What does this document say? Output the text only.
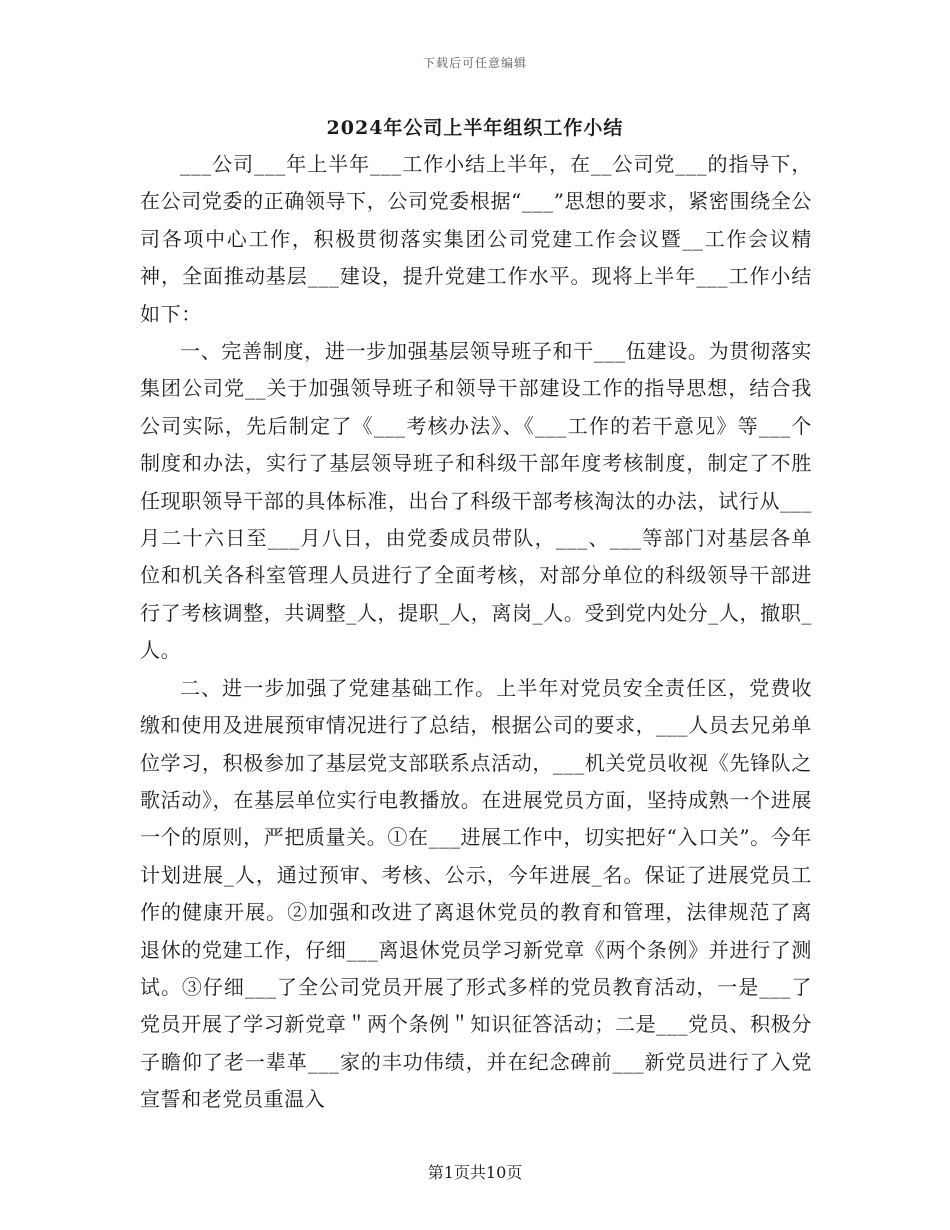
下载后可任意编辑
2024年公司上半年组织工作小结

___公司___年上半年___工作小结上半年，在__公司党___的指导下，在公司党委的正确领导下，公司党委根据“___”思想的要求，紧密围绕全公司各项中心工作，积极贯彻落实集团公司党建工作会议暨__工作会议精神，全面推动基层___建设，提升党建工作水平。现将上半年___工作小结如下：

一、完善制度，进一步加强基层领导班子和干___伍建设。为贯彻落实集团公司党__关于加强领导班子和领导干部建设工作的指导思想，结合我公司实际，先后制定了《___考核办法》、《___工作的若干意见》等___个制度和办法，实行了基层领导班子和科级干部年度考核制度，制定了不胜任现职领导干部的具体标准，出台了科级干部考核淘汰的办法，试行从___月二十六日至___月八日，由党委成员带队，___、___等部门对基层各单位和机关各科室管理人员进行了全面考核，对部分单位的科级领导干部进行了考核调整，共调整_人，提职_人，离岗_人。受到党内处分_人，撤职_人。

二、进一步加强了党建基础工作。上半年对党员安全责任区，党费收缴和使用及进展预审情况进行了总结，根据公司的要求，___人员去兄弟单位学习，积极参加了基层党支部联系点活动，___机关党员收视《先锋队之歌活动》，在基层单位实行电教播放。在进展党员方面，坚持成熟一个进展一个的原则，严把质量关。①在___进展工作中，切实把好“入口关”。今年计划进展_人，通过预审、考核、公示，今年进展_名。保证了进展党员工作的健康开展。②加强和改进了离退休党员的教育和管理，法律规范了离退休的党建工作，仔细___离退休党员学习新党章《两个条例》并进行了测试。③仔细___了全公司党员开展了形式多样的党员教育活动，一是___了党员开展了学习新党章＂两个条例＂知识征答活动；二是___党员、积极分子瞻仰了老一辈革___家的丰功伟绩，并在纪念碑前___新党员进行了入党宣誓和老党员重温入

第1页共10页
